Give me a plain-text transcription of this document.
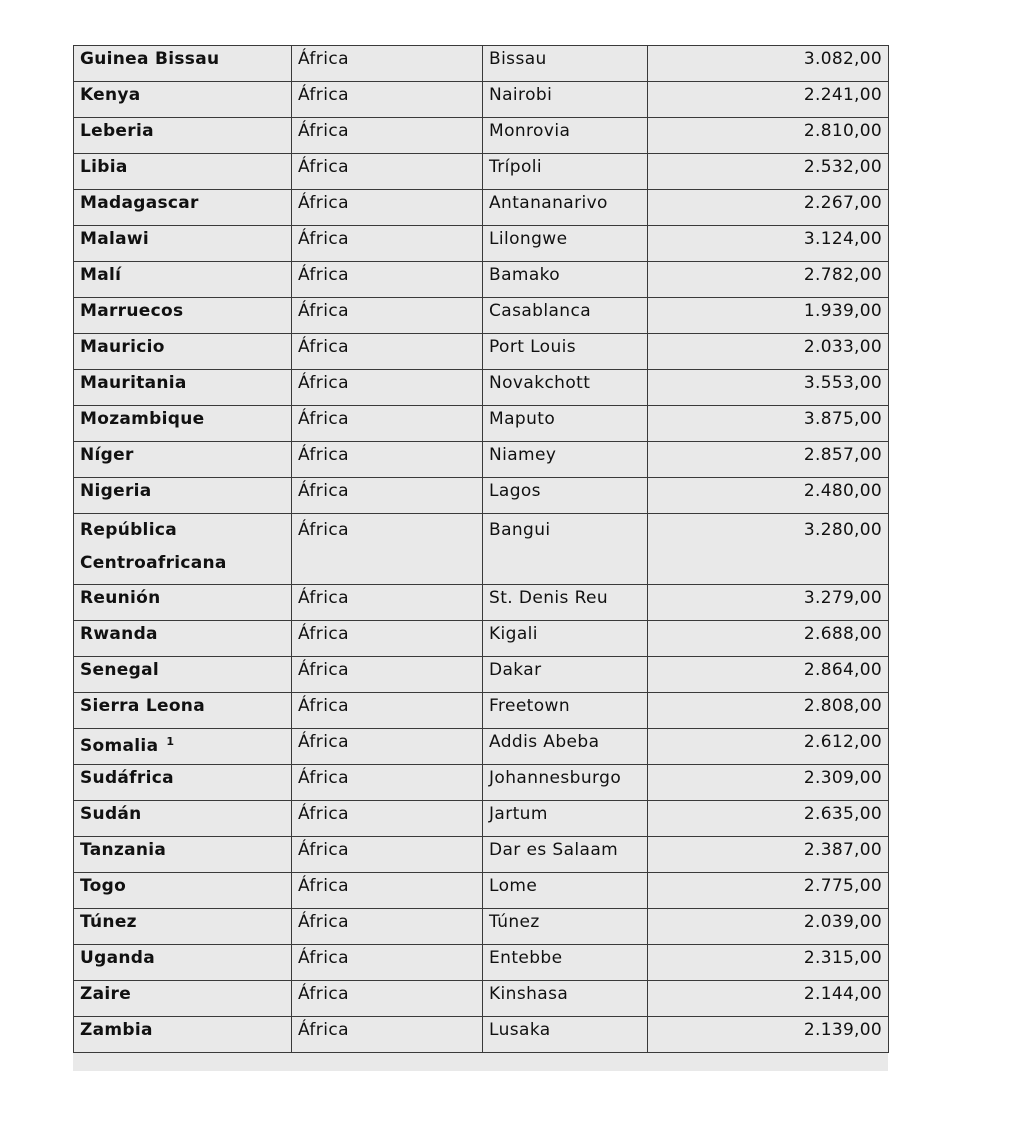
Guinea Bissau	África	Bissau	3.082,00
Kenya	África	Nairobi	2.241,00
Leberia	África	Monrovia	2.810,00
Libia	África	Trípoli	2.532,00
Madagascar	África	Antananarivo	2.267,00
Malawi	África	Lilongwe	3.124,00
Malí	África	Bamako	2.782,00
Marruecos	África	Casablanca	1.939,00
Mauricio	África	Port Louis	2.033,00
Mauritania	África	Novakchott	3.553,00
Mozambique	África	Maputo	3.875,00
Níger	África	Niamey	2.857,00
Nigeria	África	Lagos	2.480,00
República Centroafricana	África	Bangui	3.280,00
Reunión	África	St. Denis Reu	3.279,00
Rwanda	África	Kigali	2.688,00
Senegal	África	Dakar	2.864,00
Sierra Leona	África	Freetown	2.808,00
Somalia $^1$	África	Addis Abeba	2.612,00
Sudáfrica	África	Johannesburgo	2.309,00
Sudán	África	Jartum	2.635,00
Tanzania	África	Dar es Salaam	2.387,00
Togo	África	Lome	2.775,00
Túnez	África	Túnez	2.039,00
Uganda	África	Entebbe	2.315,00
Zaire	África	Kinshasa	2.144,00
Zambia	África	Lusaka	2.139,00
